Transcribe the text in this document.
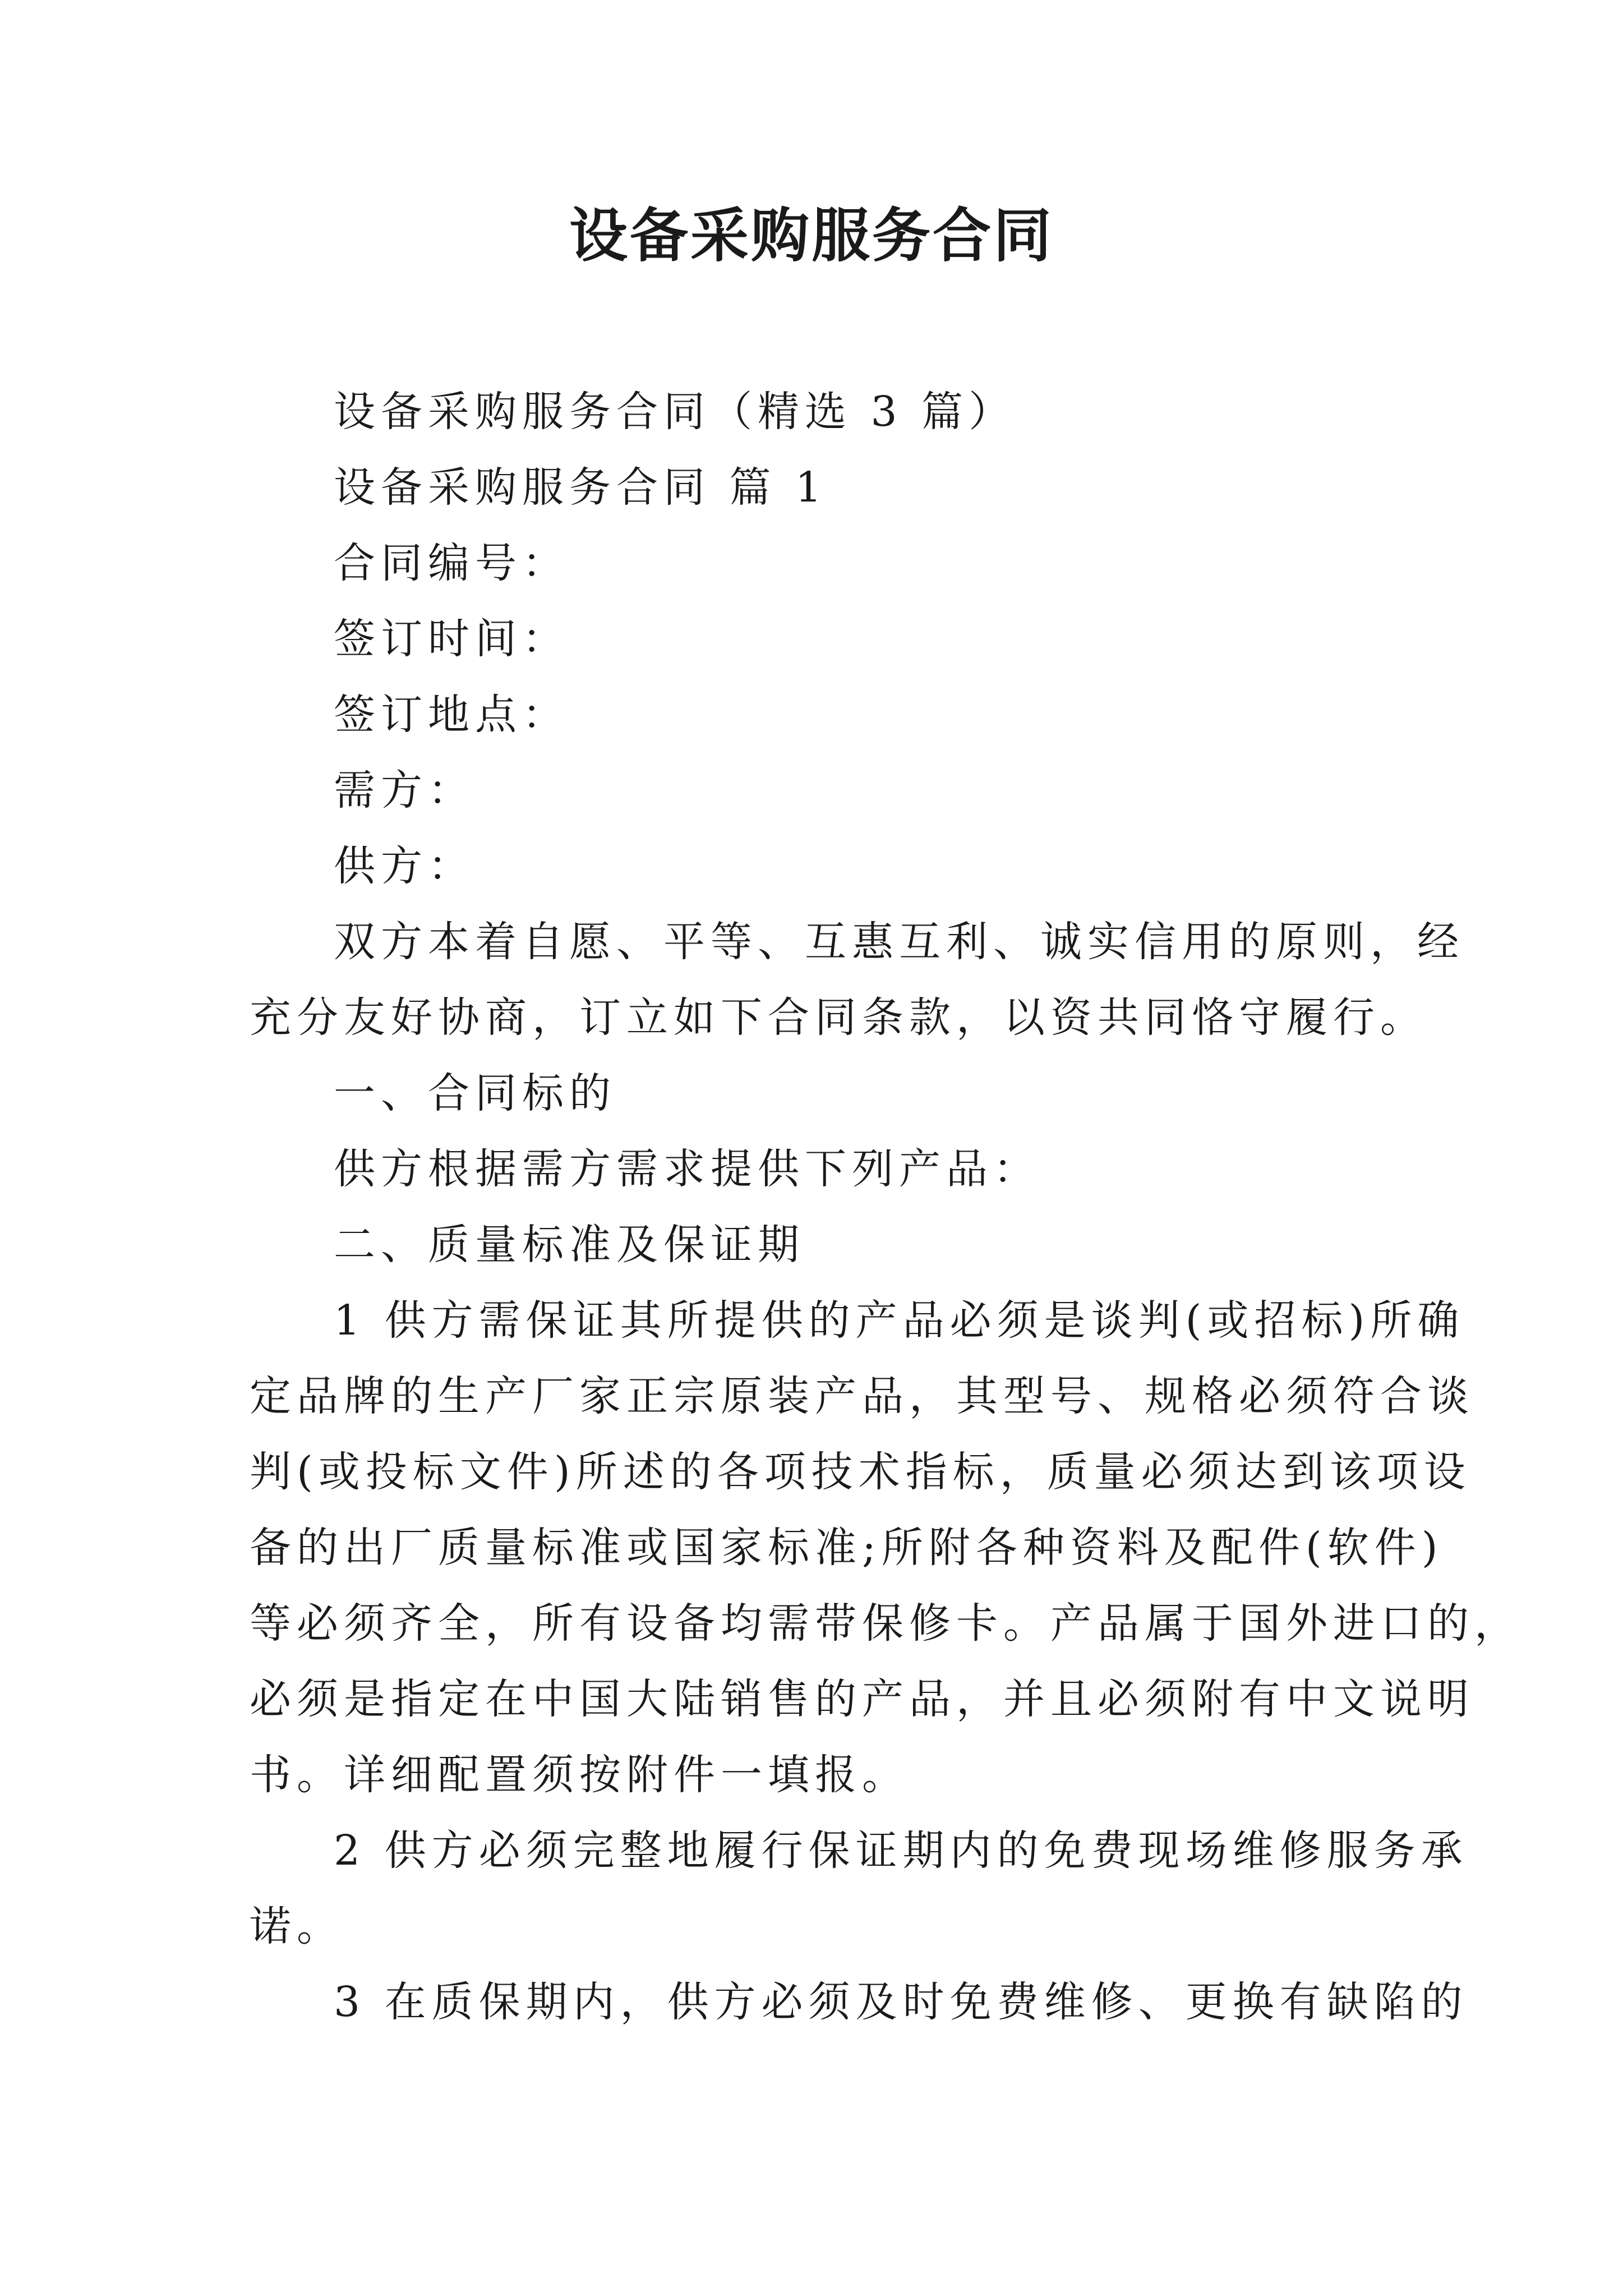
设备采购服务合同

设备采购服务合同（精选 3 篇）

设备采购服务合同 篇 1

合同编号：

签订时间：

签订地点：

需方：

供方：

双方本着自愿、平等、互惠互利、诚实信用的原则，经

充分友好协商，订立如下合同条款，以资共同恪守履行。

一、合同标的

供方根据需方需求提供下列产品：

二、质量标准及保证期

1 供方需保证其所提供的产品必须是谈判(或招标)所确

定品牌的生产厂家正宗原装产品，其型号、规格必须符合谈

判(或投标文件)所述的各项技术指标，质量必须达到该项设

备的出厂质量标准或国家标准;所附各种资料及配件(软件)

等必须齐全，所有设备均需带保修卡。产品属于国外进口的，

必须是指定在中国大陆销售的产品，并且必须附有中文说明

书。详细配置须按附件一填报。

2 供方必须完整地履行保证期内的免费现场维修服务承

诺。

3 在质保期内，供方必须及时免费维修、更换有缺陷的
